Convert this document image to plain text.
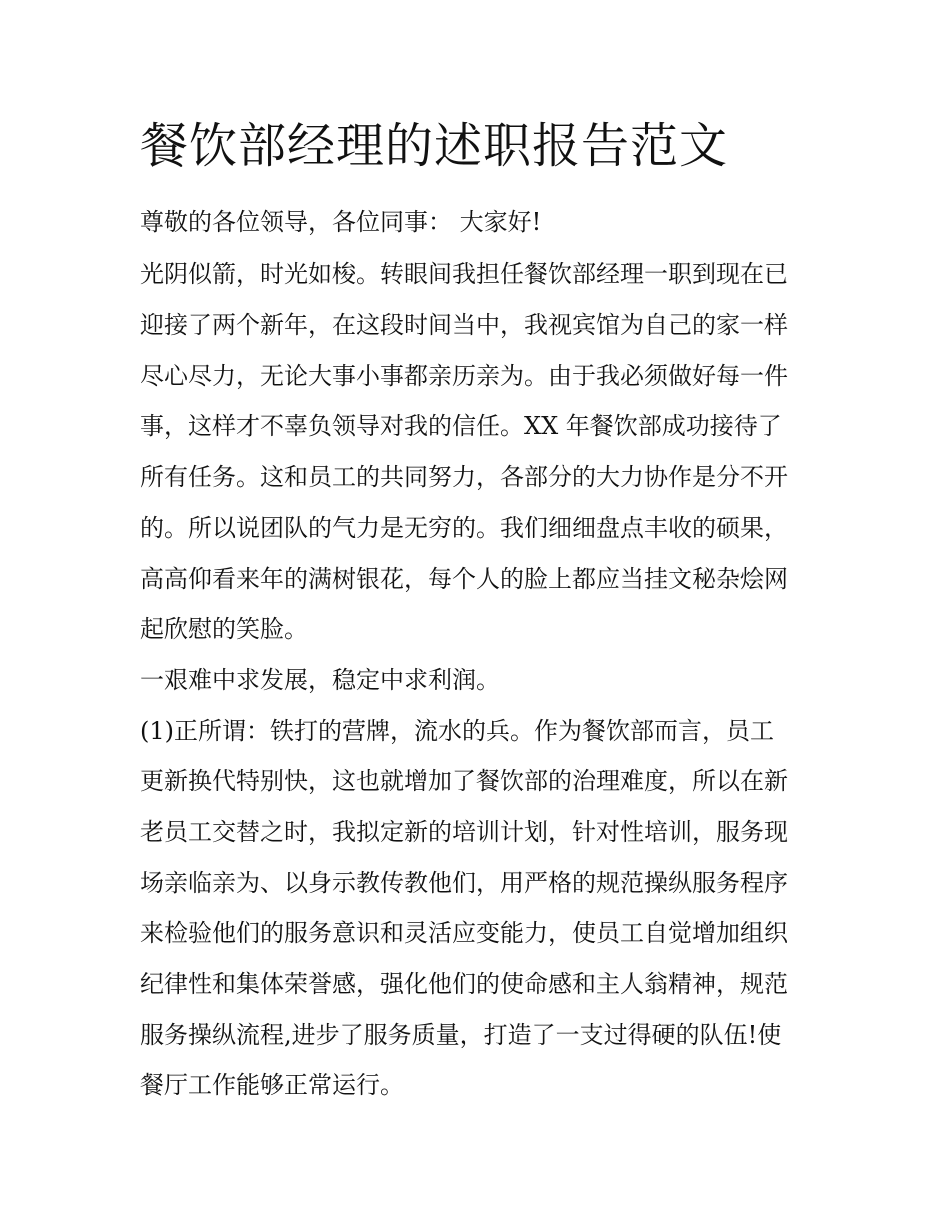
餐饮部经理的述职报告范文

尊敬的各位领导，各位同事： 大家好!

光阴似箭，时光如梭。转眼间我担任餐饮部经理一职到现在已

迎接了两个新年，在这段时间当中，我视宾馆为自己的家一样

尽心尽力，无论大事小事都亲历亲为。由于我必须做好每一件

事，这样才不辜负领导对我的信任。XX 年餐饮部成功接待了

所有任务。这和员工的共同努力，各部分的大力协作是分不开

的。所以说团队的气力是无穷的。我们细细盘点丰收的硕果，

高高仰看来年的满树银花，每个人的脸上都应当挂文秘杂烩网

起欣慰的笑脸。

一艰难中求发展，稳定中求利润。

(1)正所谓：铁打的营牌，流水的兵。作为餐饮部而言，员工

更新换代特别快，这也就增加了餐饮部的治理难度，所以在新

老员工交替之时，我拟定新的培训计划，针对性培训，服务现

场亲临亲为、以身示教传教他们，用严格的规范操纵服务程序

来检验他们的服务意识和灵活应变能力，使员工自觉增加组织

纪律性和集体荣誉感，强化他们的使命感和主人翁精神，规范

服务操纵流程,进步了服务质量，打造了一支过得硬的队伍!使

餐厅工作能够正常运行。
